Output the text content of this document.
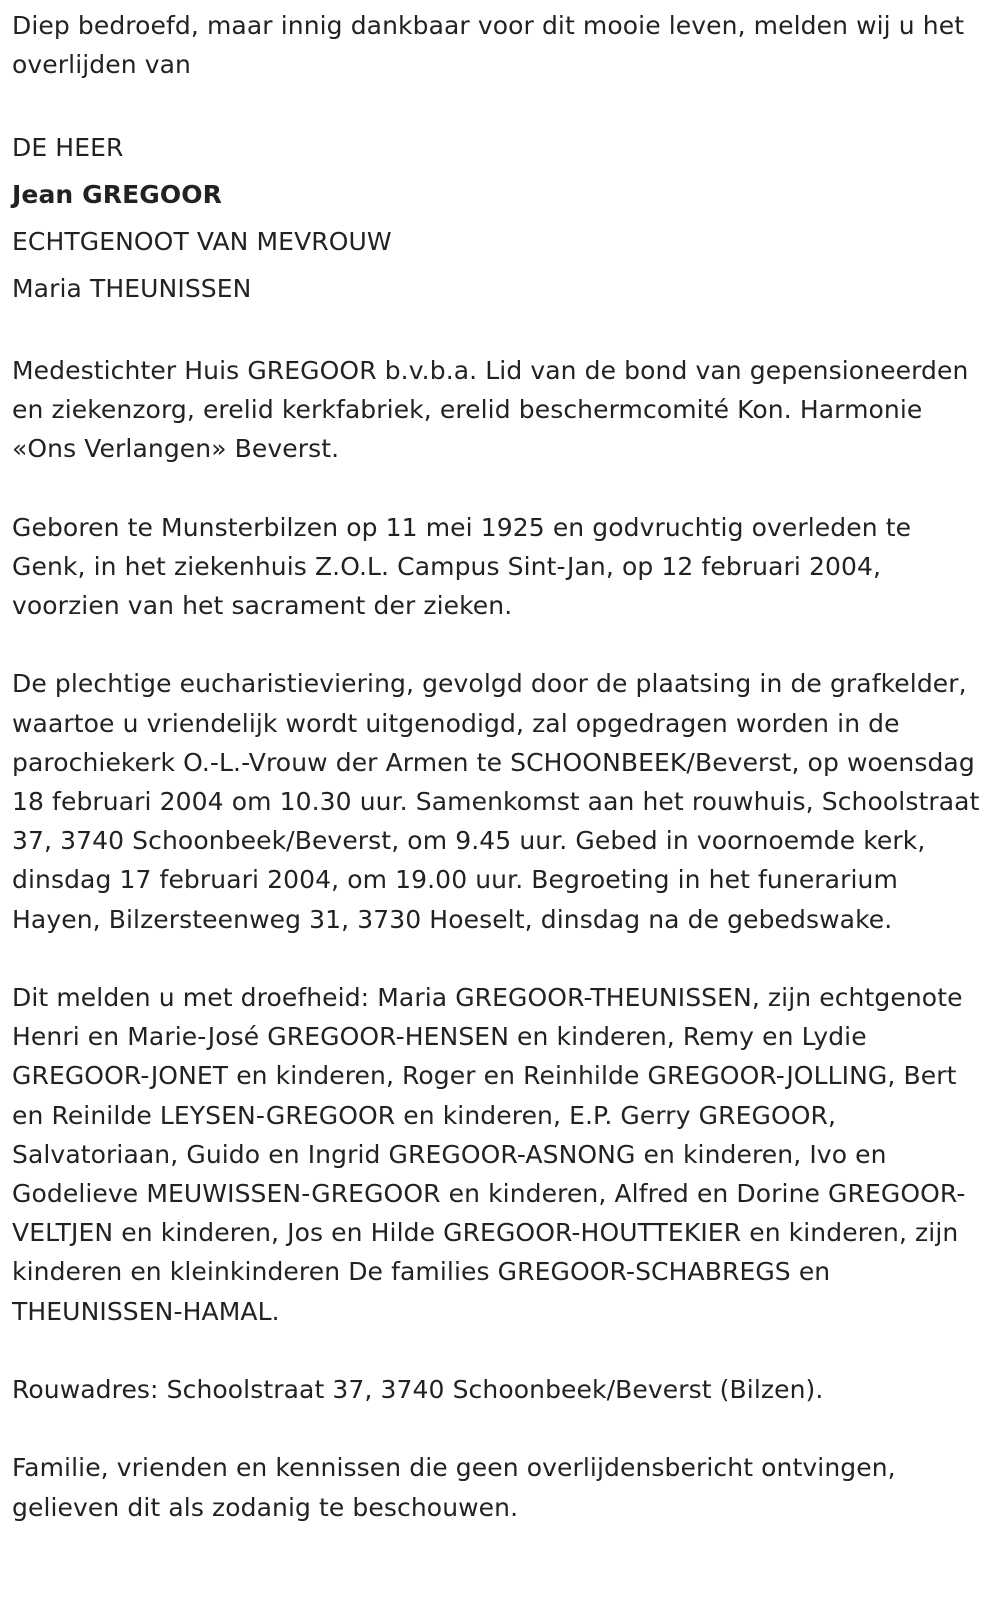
Diep bedroefd, maar innig dankbaar voor dit mooie leven, melden wij u het overlijden van

DE HEER
Jean GREGOOR
ECHTGENOOT VAN MEVROUW
Maria THEUNISSEN

Medestichter Huis GREGOOR b.v.b.a. Lid van de bond van gepensioneerden en ziekenzorg, erelid kerkfabriek, erelid beschermcomité Kon. Harmonie «Ons Verlangen» Beverst.

Geboren te Munsterbilzen op 11 mei 1925 en godvruchtig overleden te Genk, in het ziekenhuis Z.O.L. Campus Sint-Jan, op 12 februari 2004, voorzien van het sacrament der zieken.

De plechtige eucharistieviering, gevolgd door de plaatsing in de grafkelder, waartoe u vriendelijk wordt uitgenodigd, zal opgedragen worden in de parochiekerk O.-L.-Vrouw der Armen te SCHOONBEEK/Beverst, op woensdag 18 februari 2004 om 10.30 uur. Samenkomst aan het rouwhuis, Schoolstraat 37, 3740 Schoonbeek/Beverst, om 9.45 uur. Gebed in voornoemde kerk, dinsdag 17 februari 2004, om 19.00 uur. Begroeting in het funerarium Hayen, Bilzersteenweg 31, 3730 Hoeselt, dinsdag na de gebedswake.

Dit melden u met droefheid: Maria GREGOOR-THEUNISSEN, zijn echtgenote Henri en Marie-José GREGOOR-HENSEN en kinderen, Remy en Lydie GREGOOR-JONET en kinderen, Roger en Reinhilde GREGOOR-JOLLING, Bert en Reinilde LEYSEN-GREGOOR en kinderen, E.P. Gerry GREGOOR, Salvatoriaan, Guido en Ingrid GREGOOR-ASNONG en kinderen, Ivo en Godelieve MEUWISSEN-GREGOOR en kinderen, Alfred en Dorine GREGOOR-VELTJEN en kinderen, Jos en Hilde GREGOOR-HOUTTEKIER en kinderen, zijn kinderen en kleinkinderen De families GREGOOR-SCHABREGS en THEUNISSEN-HAMAL.

Rouwadres: Schoolstraat 37, 3740 Schoonbeek/Beverst (Bilzen).

Familie, vrienden en kennissen die geen overlijdensbericht ontvingen, gelieven dit als zodanig te beschouwen.
